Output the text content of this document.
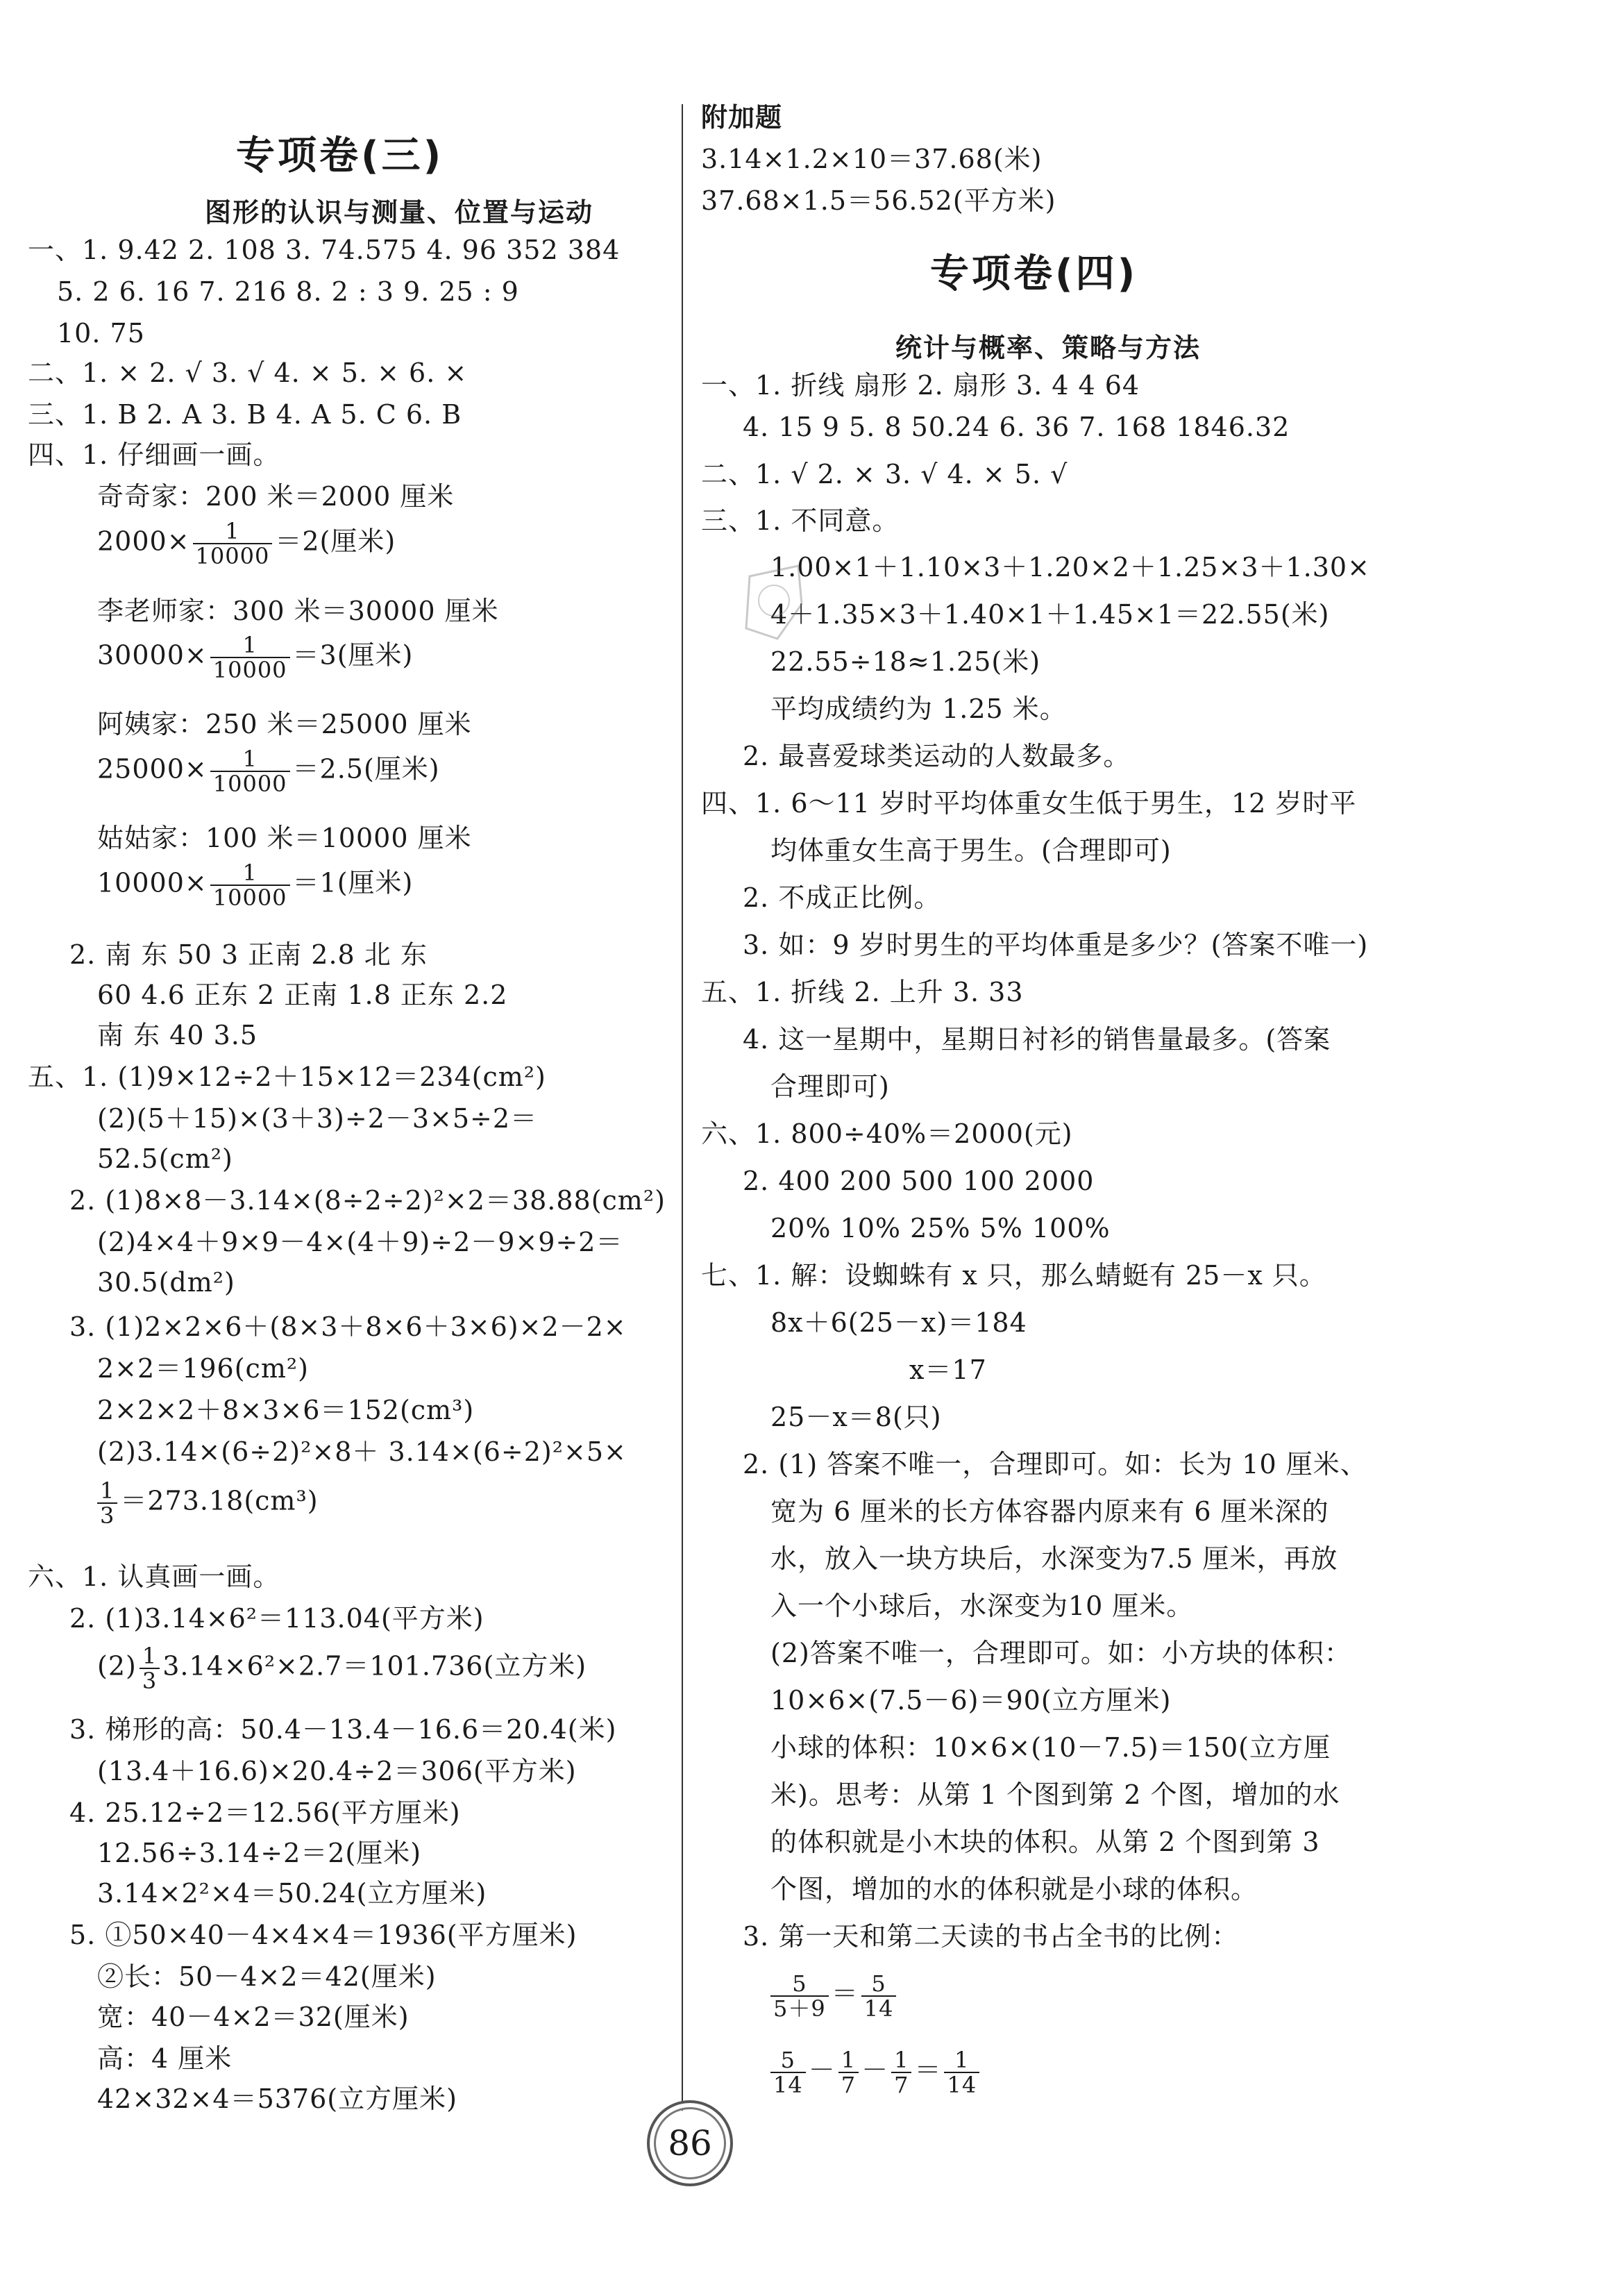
专项卷(三)
图形的认识与测量、位置与运动
一、1. 9.42 2. 108 3. 74.575 4. 96 352 384
5. 2 6. 16 7. 216 8. 2 : 3 9. 25 : 9
10. 75
二、1. × 2. √ 3. √ 4. × 5. × 6. ×
三、1. B 2. A 3. B 4. A 5. C 6. B
四、1. 仔细画一画。
奇奇家：200 米＝2000 厘米
$2000\times \frac{1}{10000} =2$(厘米)
李老师家：300 米＝30000 厘米
$30000\times \frac{1}{10000} =3$(厘米)
阿姨家：250 米＝25000 厘米
$25000\times \frac{1}{10000} =2.5$(厘米)
姑姑家：100 米＝10000 厘米
$10000\times \frac{1}{10000} =1$(厘米)
2. 南 东 50 3 正南 2.8 北 东
60 4.6 正东 2 正南 1.8 正东 2.2
南 东 40 3.5
五、1. (1)9×12÷2＋15×12＝234(cm²)
(2)(5＋15)×(3＋3)÷2－3×5÷2＝
52.5(cm²)
2. (1)8×8－3.14×(8÷2÷2)²×2＝38.88(cm²)
(2)4×4＋9×9－4×(4＋9)÷2－9×9÷2＝
30.5(dm²)
3. (1)2×2×6＋(8×3＋8×6＋3×6)×2－2×
2×2＝196(cm²)
2×2×2＋8×3×6＝152(cm³)
(2)3.14×(6÷2)²×8＋ 3.14×(6÷2)²×5×
$\frac{1}{3} =273.18(cm^3)$
六、1. 认真画一画。
2. (1)3.14×6²＝113.04(平方米)
$(2) \frac{1}{3} 3.14\times 6^2\times 2.7=101.736$(立方米)
3. 梯形的高：50.4－13.4－16.6＝20.4(米)
(13.4＋16.6)×20.4÷2＝306(平方米)
4. 25.12÷2＝12.56(平方厘米)
12.56÷3.14÷2＝2(厘米)
3.14×2²×4＝50.24(立方厘米)
5. ①50×40－4×4×4＝1936(平方厘米)
②长：50－4×2＝42(厘米)
宽：40－4×2＝32(厘米)
高：4 厘米
42×32×4＝5376(立方厘米)
附加题
3.14×1.2×10＝37.68(米)
37.68×1.5＝56.52(平方米)
专项卷(四)
统计与概率、策略与方法
一、1. 折线 扇形 2. 扇形 3. 4 4 64
4. 15 9 5. 8 50.24 6. 36 7. 168 1846.32
二、1. √ 2. × 3. √ 4. × 5. √
三、1. 不同意。
1.00×1＋1.10×3＋1.20×2＋1.25×3＋1.30×
4＋1.35×3＋1.40×1＋1.45×1＝22.55(米)
22.55÷18≈1.25(米)
平均成绩约为 1.25 米。
2. 最喜爱球类运动的人数最多。
四、1. 6～11 岁时平均体重女生低于男生，12 岁时平
均体重女生高于男生。(合理即可)
2. 不成正比例。
3. 如：9 岁时男生的平均体重是多少？(答案不唯一)
五、1. 折线 2. 上升 3. 33
4. 这一星期中，星期日衬衫的销售量最多。(答案
合理即可)
六、1. 800÷40%＝2000(元)
2. 400 200 500 100 2000
20% 10% 25% 5% 100%
七、1. 解：设蜘蛛有 x 只，那么蜻蜓有 25－x 只。
8x＋6(25－x)＝184
x＝17
25－x＝8(只)
2. (1) 答案不唯一，合理即可。如：长为 10 厘米、
宽为 6 厘米的长方体容器内原来有 6 厘米深的
水，放入一块方块后，水深变为7.5 厘米，再放
入一个小球后，水深变为10 厘米。
(2)答案不唯一，合理即可。如：小方块的体积：
10×6×(7.5－6)＝90(立方厘米)
小球的体积：10×6×(10－7.5)＝150(立方厘
米)。思考：从第 1 个图到第 2 个图，增加的水
的体积就是小木块的体积。从第 2 个图到第 3
个图，增加的水的体积就是小球的体积。
3. 第一天和第二天读的书占全书的比例：
$\frac{5}{5+9} = \frac{5}{14}$
$\frac{5}{14} - \frac{1}{7} - \frac{1}{7} = \frac{1}{14}$
86
